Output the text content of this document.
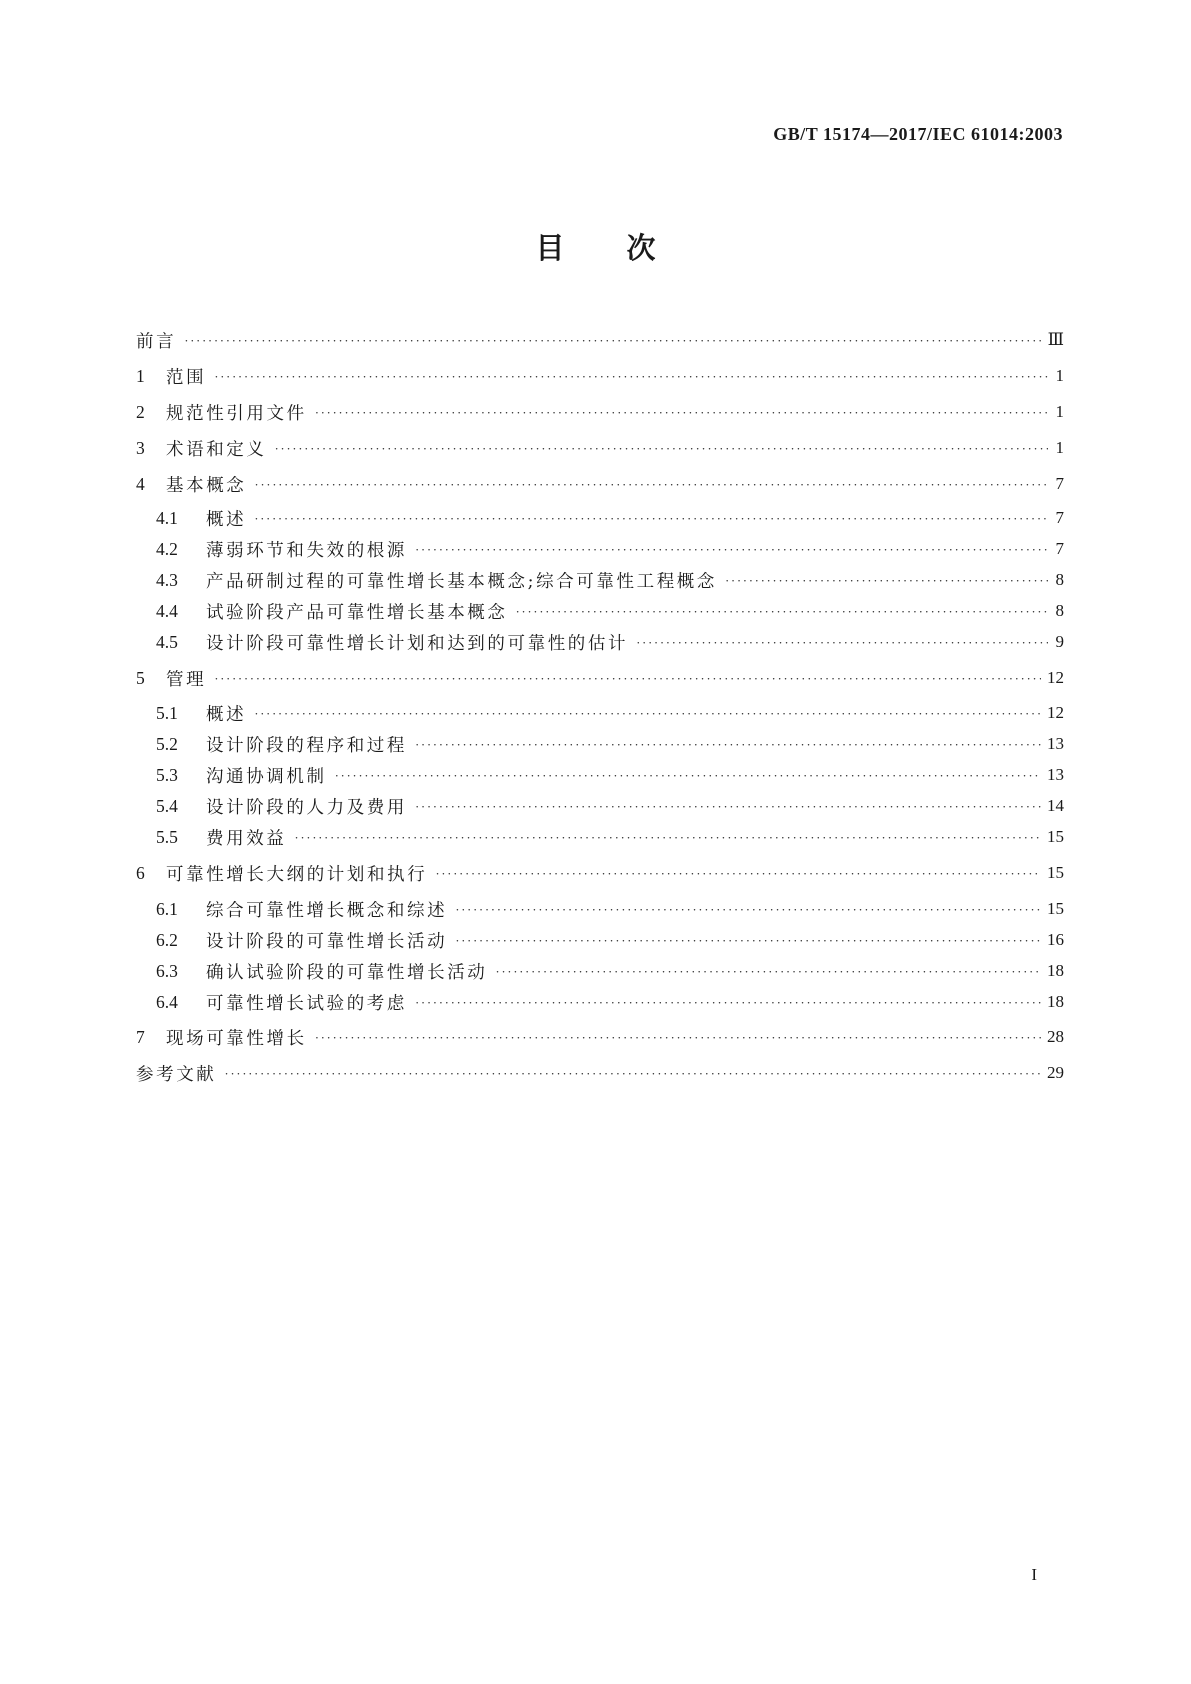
GB/T 15174—2017/IEC 61014:2003
目次
前言 ·····	Ⅲ
1	范围 ·····	1
2	规范性引用文件 ·····	1
3	术语和定义 ·····	1
4	基本概念 ·····	7
4.1	概述 ·····	7
4.2	薄弱环节和失效的根源 ·····	7
4.3	产品研制过程的可靠性增长基本概念;综合可靠性工程概念 ·····	8
4.4	试验阶段产品可靠性增长基本概念 ·····	8
4.5	设计阶段可靠性增长计划和达到的可靠性的估计 ·····	9
5	管理 ·····	12
5.1	概述 ·····	12
5.2	设计阶段的程序和过程 ·····	13
5.3	沟通协调机制 ·····	13
5.4	设计阶段的人力及费用 ·····	14
5.5	费用效益 ·····	15
6	可靠性增长大纲的计划和执行 ·····	15
6.1	综合可靠性增长概念和综述 ·····	15
6.2	设计阶段的可靠性增长活动 ·····	16
6.3	确认试验阶段的可靠性增长活动 ·····	18
6.4	可靠性增长试验的考虑 ·····	18
7	现场可靠性增长 ·····	28
参考文献 ·····	29
I
